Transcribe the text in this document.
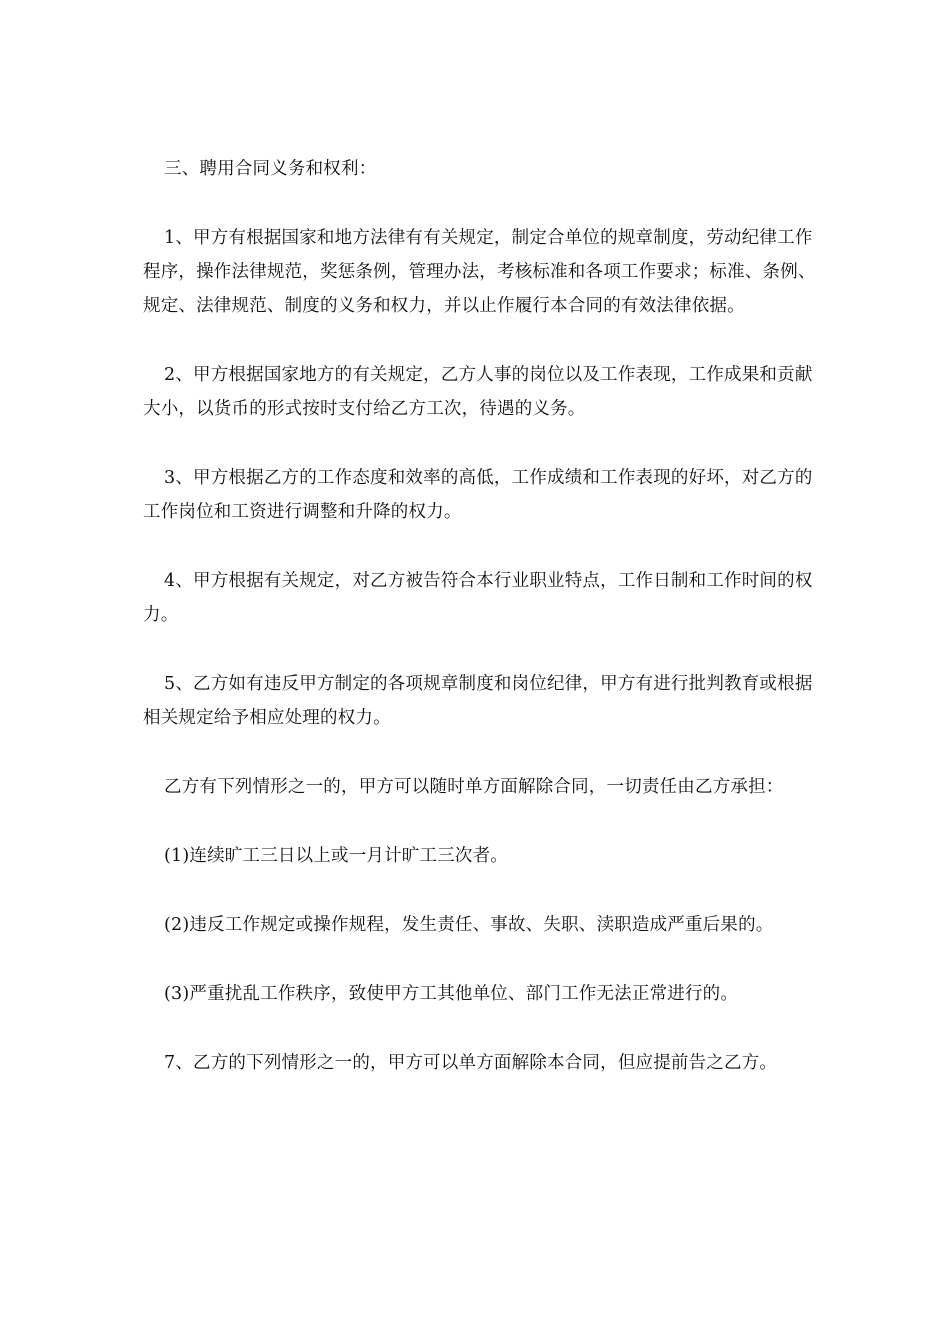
三、聘用合同义务和权利：

1、甲方有根据国家和地方法律有有关规定，制定合单位的规章制度，劳动纪律工作程序，操作法律规范，奖惩条例，管理办法，考核标准和各项工作要求；标准、条例、规定、法律规范、制度的义务和权力，并以止作履行本合同的有效法律依据。

2、甲方根据国家地方的有关规定，乙方人事的岗位以及工作表现，工作成果和贡献大小，以货币的形式按时支付给乙方工次，待遇的义务。

3、甲方根据乙方的工作态度和效率的高低，工作成绩和工作表现的好坏，对乙方的工作岗位和工资进行调整和升降的权力。

4、甲方根据有关规定，对乙方被告符合本行业职业特点，工作日制和工作时间的权力。

5、乙方如有违反甲方制定的各项规章制度和岗位纪律，甲方有进行批判教育或根据相关规定给予相应处理的权力。

乙方有下列情形之一的，甲方可以随时单方面解除合同，一切责任由乙方承担：

(1)连续旷工三日以上或一月计旷工三次者。

(2)违反工作规定或操作规程，发生责任、事故、失职、渎职造成严重后果的。

(3)严重扰乱工作秩序，致使甲方工其他单位、部门工作无法正常进行的。

7、乙方的下列情形之一的，甲方可以单方面解除本合同，但应提前告之乙方。
